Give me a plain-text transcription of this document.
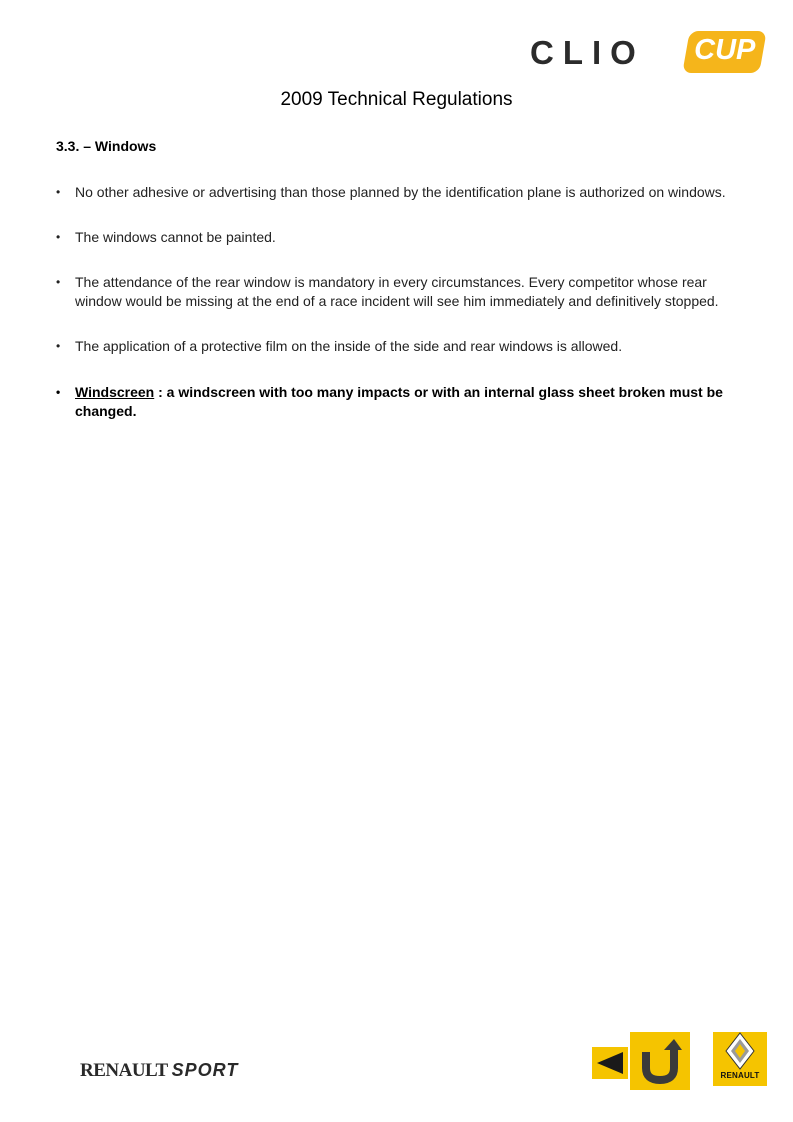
CLIO CUP
2009 Technical Regulations
3.3. – Windows
• No other adhesive or advertising than those planned by the identification plane is authorized on windows.
• The windows cannot be painted.
• The attendance of the rear window is mandatory in every circumstances. Every competitor whose rear window would be missing at the end of a race incident will see him immediately and definitively stopped.
• The application of a protective film on the inside of the side and rear windows is allowed.
• Windscreen : a windscreen with too many impacts or with an internal glass sheet broken must be changed.
RENAULT SPORT	RENAULT
